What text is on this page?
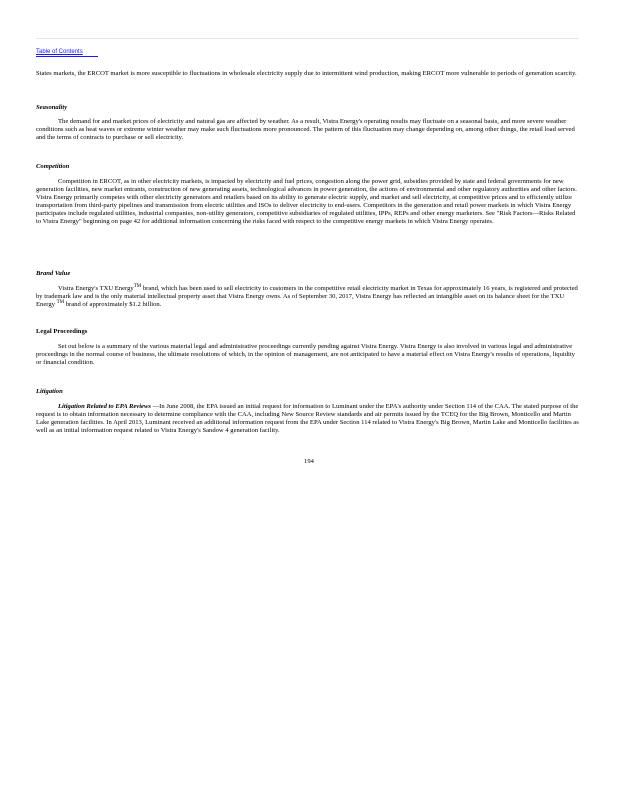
Table of Contents

States markets, the ERCOT market is more susceptible to fluctuations in wholesale electricity supply due to intermittent wind production, making ERCOT more vulnerable to periods of generation scarcity.

Seasonality

The demand for and market prices of electricity and natural gas are affected by weather. As a result, Vistra Energy's operating results may fluctuate on a seasonal basis, and more severe weather conditions such as heat waves or extreme winter weather may make such fluctuations more pronounced. The pattern of this fluctuation may change depending on, among other things, the retail load served and the terms of contracts to purchase or sell electricity.

Competition

Competition in ERCOT, as in other electricity markets, is impacted by electricity and fuel prices, congestion along the power grid, subsidies provided by state and federal governments for new generation facilities, new market entrants, construction of new generating assets, technological advances in power generation, the actions of environmental and other regulatory authorities and other factors. Vistra Energy primarily competes with other electricity generators and retailers based on its ability to generate electric supply, and market and sell electricity, at competitive prices and to efficiently utilize transportation from third-party pipelines and transmission from electric utilities and ISOs to deliver electricity to end-users. Competitors in the generation and retail power markets in which Vistra Energy participates include regulated utilities, industrial companies, non-utility generators, competitive subsidiaries of regulated utilities, IPPs, REPs and other energy marketers. See "Risk Factors—Risks Related to Vistra Energy" beginning on page 42 for additional information concerning the risks faced with respect to the competitive energy markets in which Vistra Energy operates.

Brand Value

Vistra Energy's TXU Energy™ brand, which has been used to sell electricity to customers in the competitive retail electricity market in Texas for approximately 16 years, is registered and protected by trademark law and is the only material intellectual property asset that Vistra Energy owns. As of September 30, 2017, Vistra Energy has reflected an intangible asset on its balance sheet for the TXU Energy ™ brand of approximately $1.2 billion.

Legal Proceedings

Set out below is a summary of the various material legal and administrative proceedings currently pending against Vistra Energy. Vistra Energy is also involved in various legal and administrative proceedings in the normal course of business, the ultimate resolutions of which, in the opinion of management, are not anticipated to have a material effect on Vistra Energy's results of operations, liquidity or financial condition.

Litigation

Litigation Related to EPA Reviews —In June 2008, the EPA issued an initial request for information to Luminant under the EPA's authority under Section 114 of the CAA. The stated purpose of the request is to obtain information necessary to determine compliance with the CAA, including New Source Review standards and air permits issued by the TCEQ for the Big Brown, Monticello and Martin Lake generation facilities. In April 2013, Luminant received an additional information request from the EPA under Section 114 related to Vistra Energy's Big Brown, Martin Lake and Monticello facilities as well as an initial information request related to Vistra Energy's Sandow 4 generation facility.

194
